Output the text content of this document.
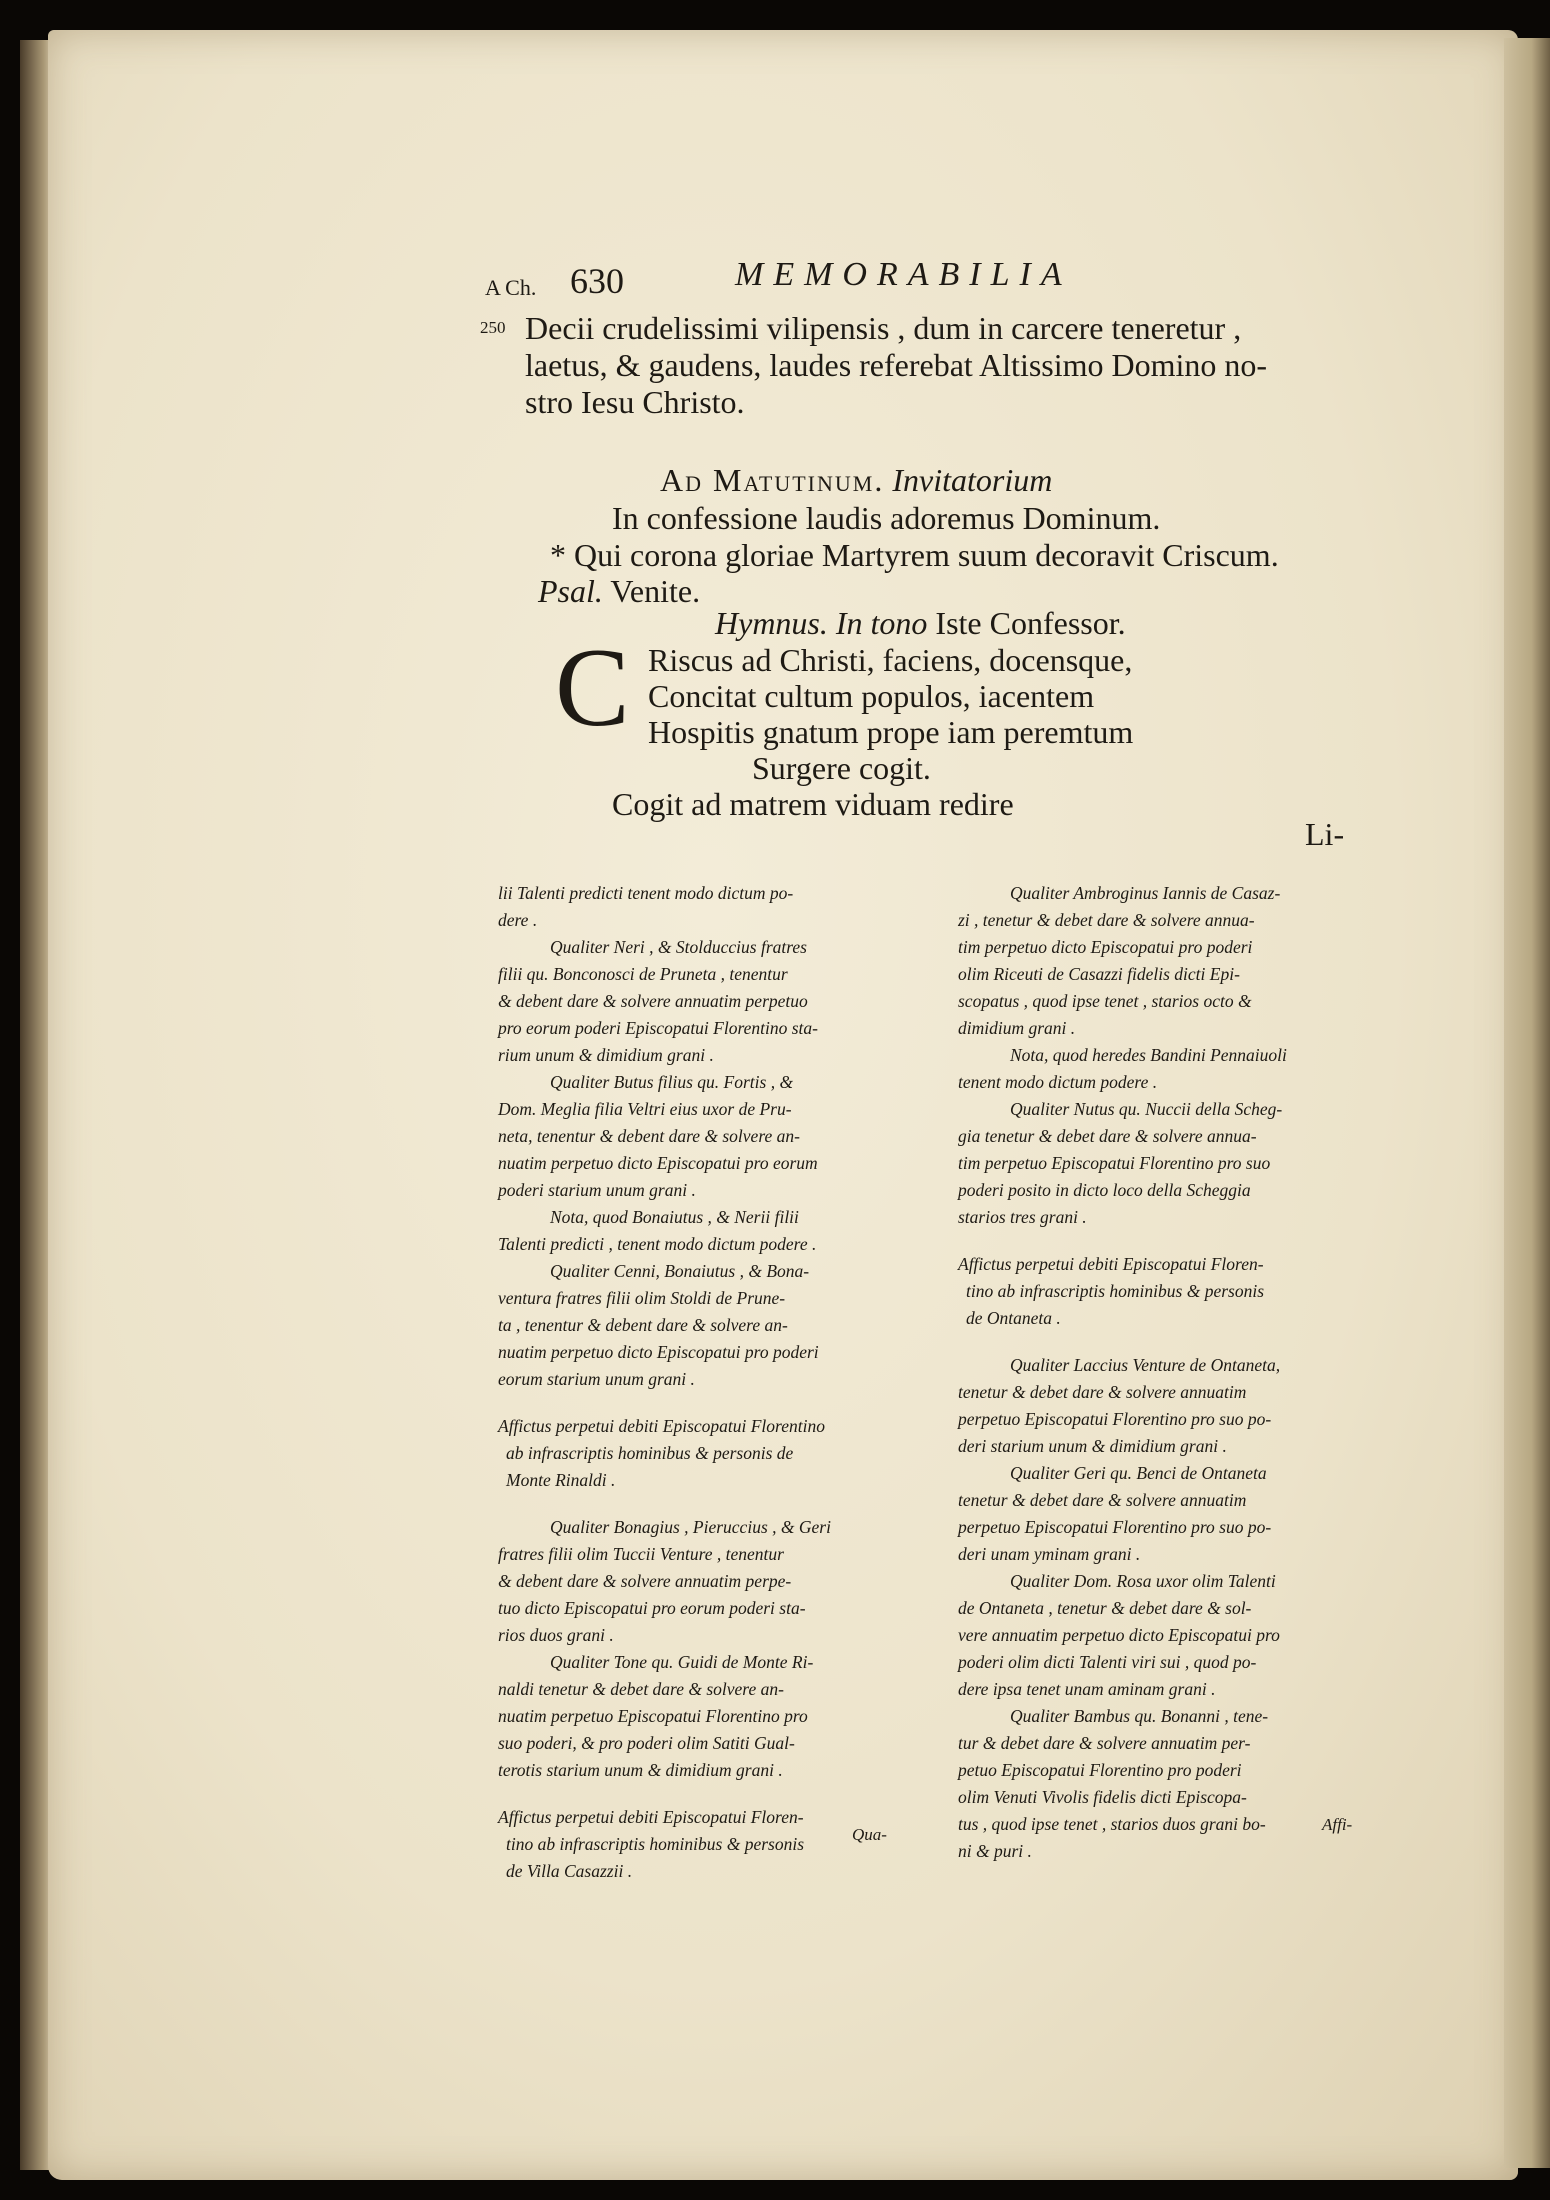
A Ch. 630	MEMORABILIA
250 Decii crudelissimi vilipensis , dum in carcere teneretur ,
laetus, & gaudens, laudes referebat Altissimo Domino no-
stro Iesu Christo.
Ad Matutinum. Invitatorium
In confessione laudis adoremus Dominum.
* Qui corona gloriae Martyrem suum decoravit Criscum.
Psal. Venite.
Hymnus. In tono Iste Confessor.
C Riscus ad Christi, faciens, docensque,
Concitat cultum populos, iacentem
Hospitis gnatum prope iam peremtum
Surgere cogit.
Cogit ad matrem viduam redire
Li-

lii Talenti predicti tenent modo dictum po-

dere .

Qualiter Neri , & Stolduccius fratres

filii qu. Bonconosci de Pruneta , tenentur

& debent dare & solvere annuatim perpetuo

pro eorum poderi Episcopatui Florentino sta-

rium unum & dimidium grani .

Qualiter Butus filius qu. Fortis , &

Dom. Meglia filia Veltri eius uxor de Pru-

neta, tenentur & debent dare & solvere an-

nuatim perpetuo dicto Episcopatui pro eorum

poderi starium unum grani .

Nota, quod Bonaiutus , & Nerii filii

Talenti predicti , tenent modo dictum podere .

Qualiter Cenni, Bonaiutus , & Bona-

ventura fratres filii olim Stoldi de Prune-

ta , tenentur & debent dare & solvere an-

nuatim perpetuo dicto Episcopatui pro poderi

eorum starium unum grani .

Affictus perpetui debiti Episcopatui Florentino

ab infrascriptis hominibus & personis de

Monte Rinaldi .

Qualiter Bonagius , Pieruccius , & Geri

fratres filii olim Tuccii Venture , tenentur

& debent dare & solvere annuatim perpe-

tuo dicto Episcopatui pro eorum poderi sta-

rios duos grani .

Qualiter Tone qu. Guidi de Monte Ri-

naldi tenetur & debet dare & solvere an-

nuatim perpetuo Episcopatui Florentino pro

suo poderi, & pro poderi olim Satiti Gual-

terotis starium unum & dimidium grani .

Affictus perpetui debiti Episcopatui Floren-

tino ab infrascriptis hominibus & personis

de Villa Casazzii .

Qua-

Qualiter Ambroginus Iannis de Casaz-

zi , tenetur & debet dare & solvere annua-

tim perpetuo dicto Episcopatui pro poderi

olim Riceuti de Casazzi fidelis dicti Epi-

scopatus , quod ipse tenet , starios octo &

dimidium grani .

Nota, quod heredes Bandini Pennaiuoli

tenent modo dictum podere .

Qualiter Nutus qu. Nuccii della Scheg-

gia tenetur & debet dare & solvere annua-

tim perpetuo Episcopatui Florentino pro suo

poderi posito in dicto loco della Scheggia

starios tres grani .

Affictus perpetui debiti Episcopatui Floren-

tino ab infrascriptis hominibus & personis

de Ontaneta .

Qualiter Laccius Venture de Ontaneta,

tenetur & debet dare & solvere annuatim

perpetuo Episcopatui Florentino pro suo po-

deri starium unum & dimidium grani .

Qualiter Geri qu. Benci de Ontaneta

tenetur & debet dare & solvere annuatim

perpetuo Episcopatui Florentino pro suo po-

deri unam yminam grani .

Qualiter Dom. Rosa uxor olim Talenti

de Ontaneta , tenetur & debet dare & sol-

vere annuatim perpetuo dicto Episcopatui pro

poderi olim dicti Talenti viri sui , quod po-

dere ipsa tenet unam aminam grani .

Qualiter Bambus qu. Bonanni , tene-

tur & debet dare & solvere annuatim per-

petuo Episcopatui Florentino pro poderi

olim Venuti Vivolis fidelis dicti Episcopa-

tus , quod ipse tenet , starios duos grani bo-

ni & puri .

Affi-
